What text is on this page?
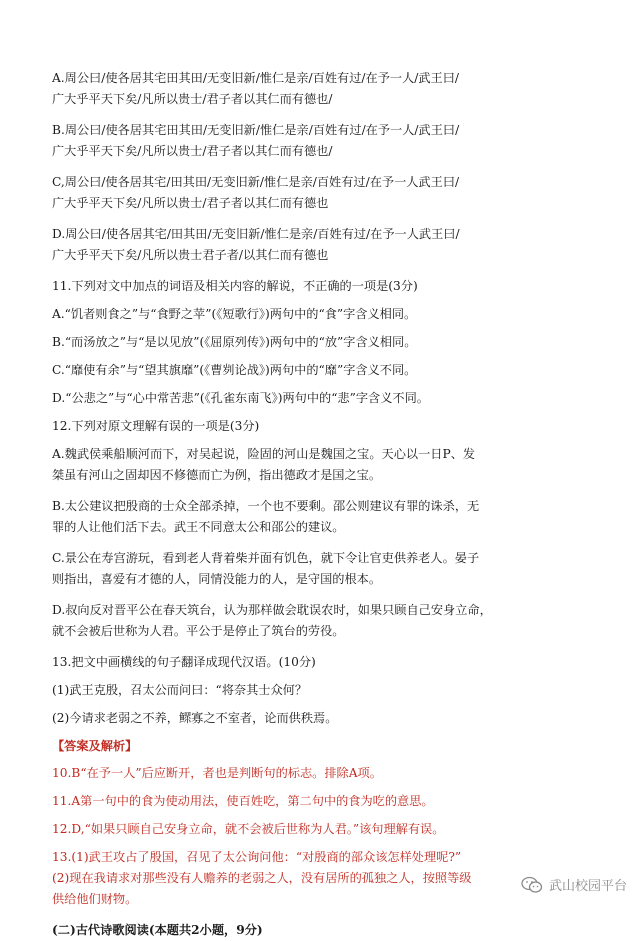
A.周公曰/使各居其宅田其田/无变旧新/惟仁是亲/百姓有过/在予一人/武王曰/

广大乎平天下矣/凡所以贵士/君子者以其仁而有德也/

B.周公曰/使各居其宅田其田/无变旧新/惟仁是亲/百姓有过/在予一人/武王曰/

广大乎平天下矣/凡所以贵士/君子者以其仁而有德也/

C,周公曰/使各居其宅/田其田/无变旧新/惟仁是亲/百姓有过/在予一人武王曰/

广大乎平天下矣/凡所以贵士/君子者以其仁而有德也

D.周公曰/使各居其宅/田其田/无变旧新/惟仁是亲/百姓有过/在予一人武王曰/

广大乎平天下矣/凡所以贵士君子者/以其仁而有德也

11.下列对文中加点的词语及相关内容的解说，不正确的一项是(3分)

A.“饥者则食之”与“食野之苹”(《短歌行》)两句中的“食”字含义相同。

B.“而汤放之”与“是以见放”(《屈原列传》)两句中的“放”字含义相同。

C.“靡使有余”与“望其旗靡”(《曹刿论战》)两句中的“靡”字含义不同。

D.“公悲之”与“心中常苦悲”(《孔雀东南飞》)两句中的“悲”字含义不同。

12.下列对原文理解有误的一项是(3分)

A.魏武侯乘船顺河而下，对吴起说，险固的河山是魏国之宝。天心以一日P、发

桀虽有河山之固却因不修德而亡为例，指出德政才是国之宝。

B.太公建议把殷商的士众全部杀掉，一个也不要剩。邵公则建议有罪的诛杀，无

罪的人让他们活下去。武王不同意太公和邵公的建议。

C.景公在寿宫游玩，看到老人背着柴并面有饥色，就下令让官吏供养老人。晏子

则指出，喜爱有才德的人，同情没能力的人，是守国的根本。

D.叔向反对晋平公在春天筑台，认为那样做会耽误农时，如果只顾自己安身立命，

就不会被后世称为人君。平公于是停止了筑台的劳役。

13.把文中画横线的句子翻译成现代汉语。(10分)

(1)武王克殷，召太公而问曰：“将奈其士众何？

(2)今请求老弱之不养，鳏寡之不室者，论而供秩焉。

【答案及解析】

10.B“在予一人”后应断开，者也是判断句的标志。排除A项。

11.A第一句中的食为使动用法，使百姓吃，第二句中的食为吃的意思。

12.D,“如果只顾自己安身立命，就不会被后世称为人君。”该句理解有误。

13.(1)武王攻占了殷国，召见了太公询问他：“对殷商的部众该怎样处理呢?”

(2)现在我请求对那些没有人赡养的老弱之人，没有居所的孤独之人，按照等级

供给他们财物。

(二)古代诗歌阅读(本题共2小题，9分)

武山校园平台
